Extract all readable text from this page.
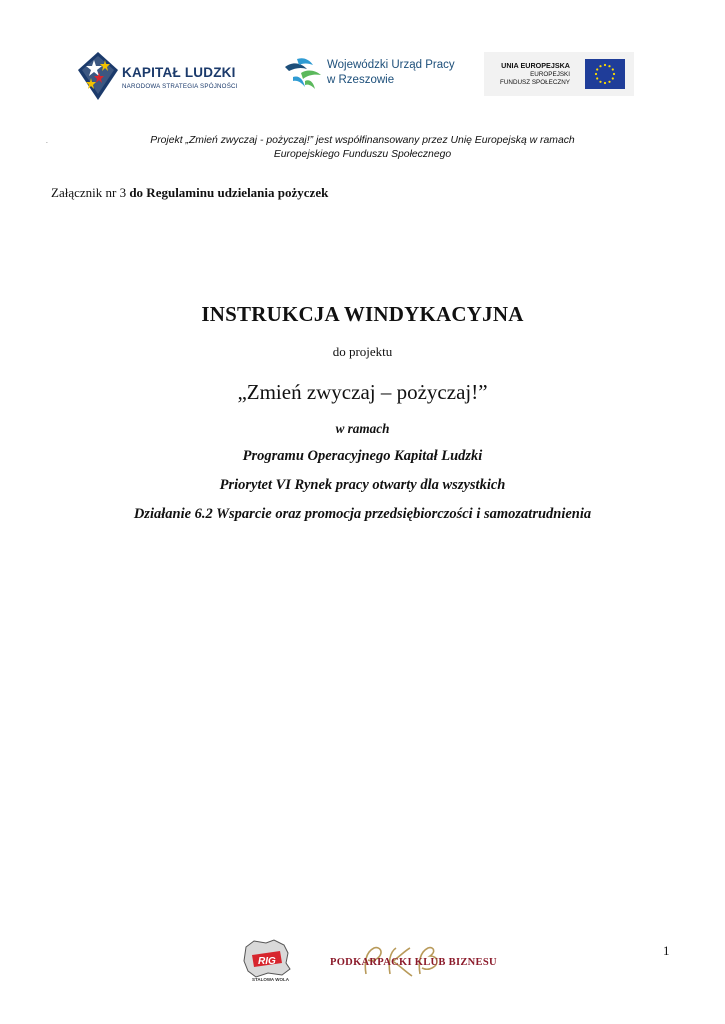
KAPITAŁ LUDZKI
NARODOWA STRATEGIA SPÓJNOŚCI
Wojewódzki Urząd Pracy
w Rzeszowie
UNIA EUROPEJSKA
EUROPEJSKI
FUNDUSZ SPOŁECZNY
-	Projekt „Zmień zwyczaj - pożyczaj!” jest współfinansowany przez Unię Europejską w ramach
Europejskiego Funduszu Społecznego
Załącznik nr 3 do Regulaminu udzielania pożyczek
INSTRUKCJA WINDYKACYJNA
do projektu
„Zmień zwyczaj – pożyczaj!”
w ramach
Programu Operacyjnego Kapitał Ludzki
Priorytet VI Rynek pracy otwarty dla wszystkich
Działanie 6.2 Wsparcie oraz promocja przedsiębiorczości i samozatrudnienia
1
RIG
STALOWA WOLA
PODKARPACKI KLUB BIZNESU
